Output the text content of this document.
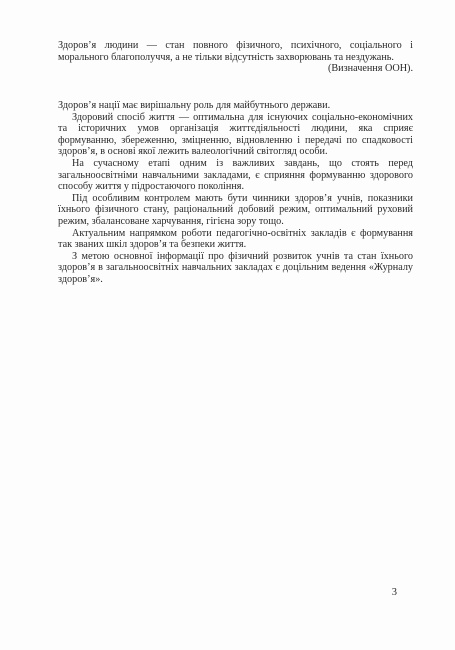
Здоров’я людини — стан повного фізичного, психічного, соціального і морального благополуччя, а не тільки відсутність захворювань та нездужань.

(Визначення ООН).

Здоров’я нації має вирішальну роль для майбутнього держави.

Здоровий спосіб життя — оптимальна для існуючих соціально-економічних та історичних умов організація життєдіяльності людини, яка сприяє формуванню, збереженню, зміцненню, відновленню і передачі по спадковості здоров’я, в основі якої лежить валеологічний світогляд особи.

На сучасному етапі одним із важливих завдань, що стоять перед загальноосвітніми навчальними закладами, є сприяння формуванню здорового способу життя у підростаючого покоління.

Під особливим контролем мають бути чинники здоров’я учнів, показники їхнього фізичного стану, раціональний добовий режим, оптимальний руховий режим, збалансоване харчування, гігієна зору тощо.

Актуальним напрямком роботи педагогічно-освітніх закладів є формування так званих шкіл здоров’я та безпеки життя.

З метою основної інформації про фізичний розвиток учнів та стан їхнього здоров’я в загальноосвітніх навчальних закладах є доцільним ведення «Журналу здоров’я».

3
